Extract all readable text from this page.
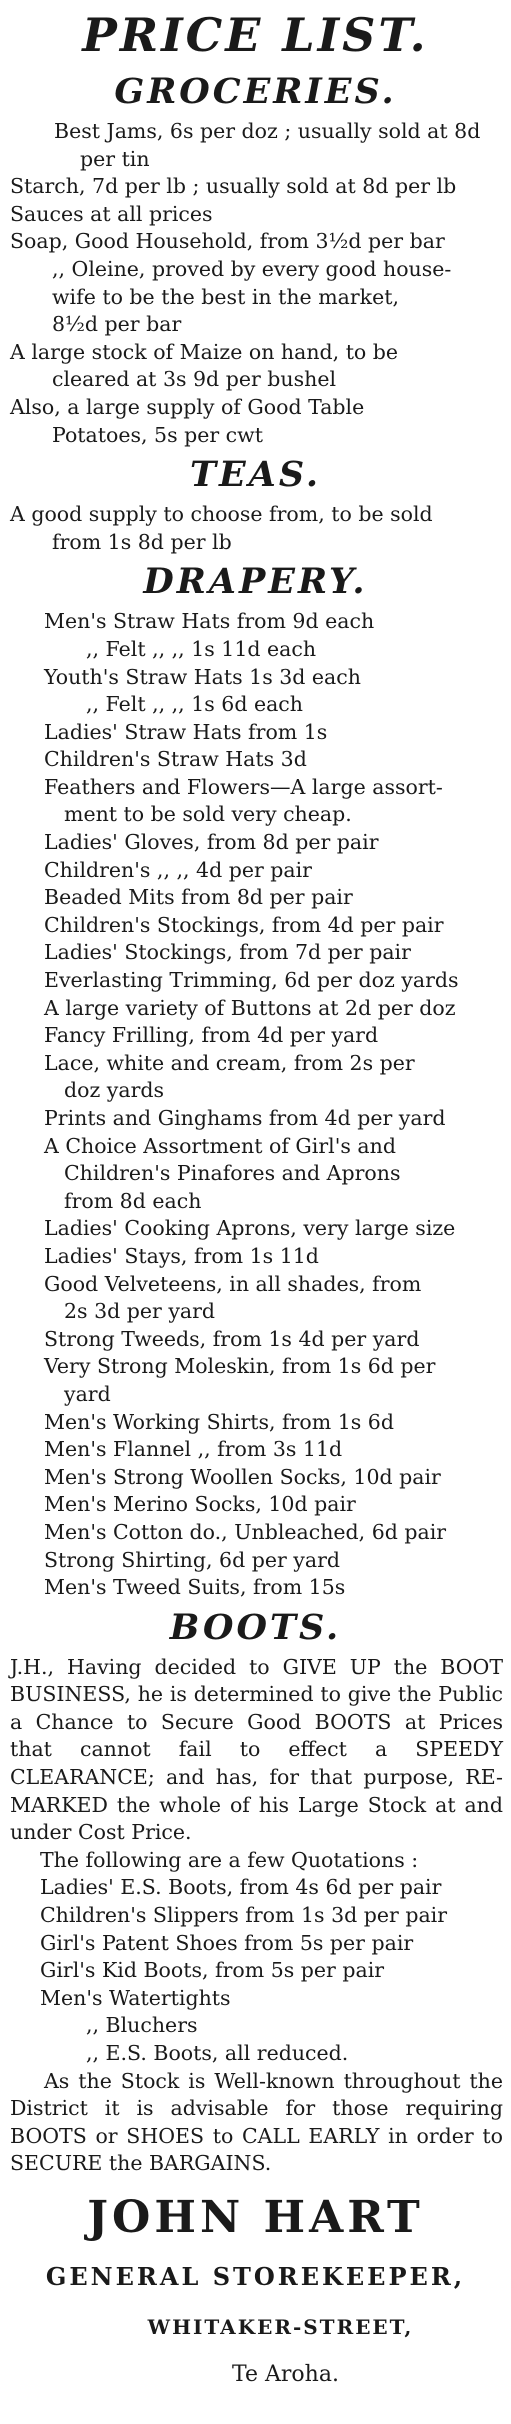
PRICE LIST.
GROCERIES.
Best Jams, 6s per doz ; usually sold at 8d
per tin
Starch, 7d per lb ; usually sold at 8d per lb
Sauces at all prices
Soap, Good Household, from 3½d per bar
,, Oleine, proved by every good house-
wife to be the best in the market,
8½d per bar
A large stock of Maize on hand, to be
cleared at 3s 9d per bushel
Also, a large supply of Good Table
Potatoes, 5s per cwt
TEAS.
A good supply to choose from, to be sold
from 1s 8d per lb
DRAPERY.
Men's Straw Hats from 9d each
,, Felt ,, ,, 1s 11d each
Youth's Straw Hats 1s 3d each
,, Felt ,, ,, 1s 6d each
Ladies' Straw Hats from 1s
Children's Straw Hats 3d
Feathers and Flowers—A large assort-
ment to be sold very cheap.
Ladies' Gloves, from 8d per pair
Children's ,, ,, 4d per pair
Beaded Mits from 8d per pair
Children's Stockings, from 4d per pair
Ladies' Stockings, from 7d per pair
Everlasting Trimming, 6d per doz yards
A large variety of Buttons at 2d per doz
Fancy Frilling, from 4d per yard
Lace, white and cream, from 2s per
doz yards
Prints and Ginghams from 4d per yard
A Choice Assortment of Girl's and
Children's Pinafores and Aprons
from 8d each
Ladies' Cooking Aprons, very large size
Ladies' Stays, from 1s 11d
Good Velveteens, in all shades, from
2s 3d per yard
Strong Tweeds, from 1s 4d per yard
Very Strong Moleskin, from 1s 6d per
yard
Men's Working Shirts, from 1s 6d
Men's Flannel ,, from 3s 11d
Men's Strong Woollen Socks, 10d pair
Men's Merino Socks, 10d pair
Men's Cotton do., Unbleached, 6d pair
Strong Shirting, 6d per yard
Men's Tweed Suits, from 15s
BOOTS.
J.H., Having decided to GIVE UP the BOOT BUSINESS, he is determined to give the Public a Chance to Secure Good BOOTS at Prices that cannot fail to effect a SPEEDY CLEARANCE; and has, for that purpose, RE-MARKED the whole of his Large Stock at and under Cost Price.
The following are a few Quotations :
Ladies' E.S. Boots, from 4s 6d per pair
Children's Slippers from 1s 3d per pair
Girl's Patent Shoes from 5s per pair
Girl's Kid Boots, from 5s per pair
Men's Watertights
,, Bluchers
,, E.S. Boots, all reduced.
As the Stock is Well-known throughout the District it is advisable for those requiring BOOTS or SHOES to CALL EARLY in order to SECURE the BARGAINS.
JOHN HART
GENERAL STOREKEEPER,
WHITAKER-STREET,
Te Aroha.
